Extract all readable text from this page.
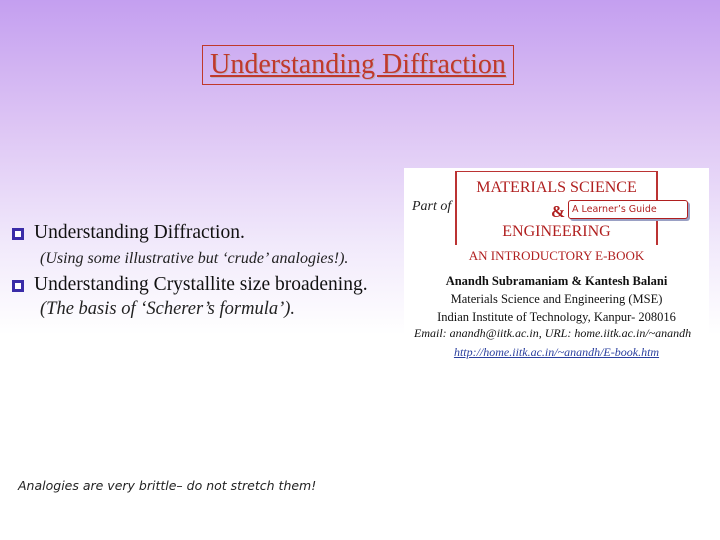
Understanding Diffraction
Understanding Diffraction.
(Using some illustrative but ‘crude’ analogies!).
Understanding Crystallite size broadening.
(The basis of ‘Scherer’s formula’).
Analogies are very brittle– do not stretch them!
Part of
MATERIALS SCIENCE
& A Learner’s Guide
ENGINEERING
AN INTRODUCTORY E-BOOK
Anandh Subramaniam & Kantesh Balani
Materials Science and Engineering (MSE)
Indian Institute of Technology, Kanpur- 208016
Email: anandh@iitk.ac.in, URL: home.iitk.ac.in/~anandh
http://home.iitk.ac.in/~anandh/E-book.htm
